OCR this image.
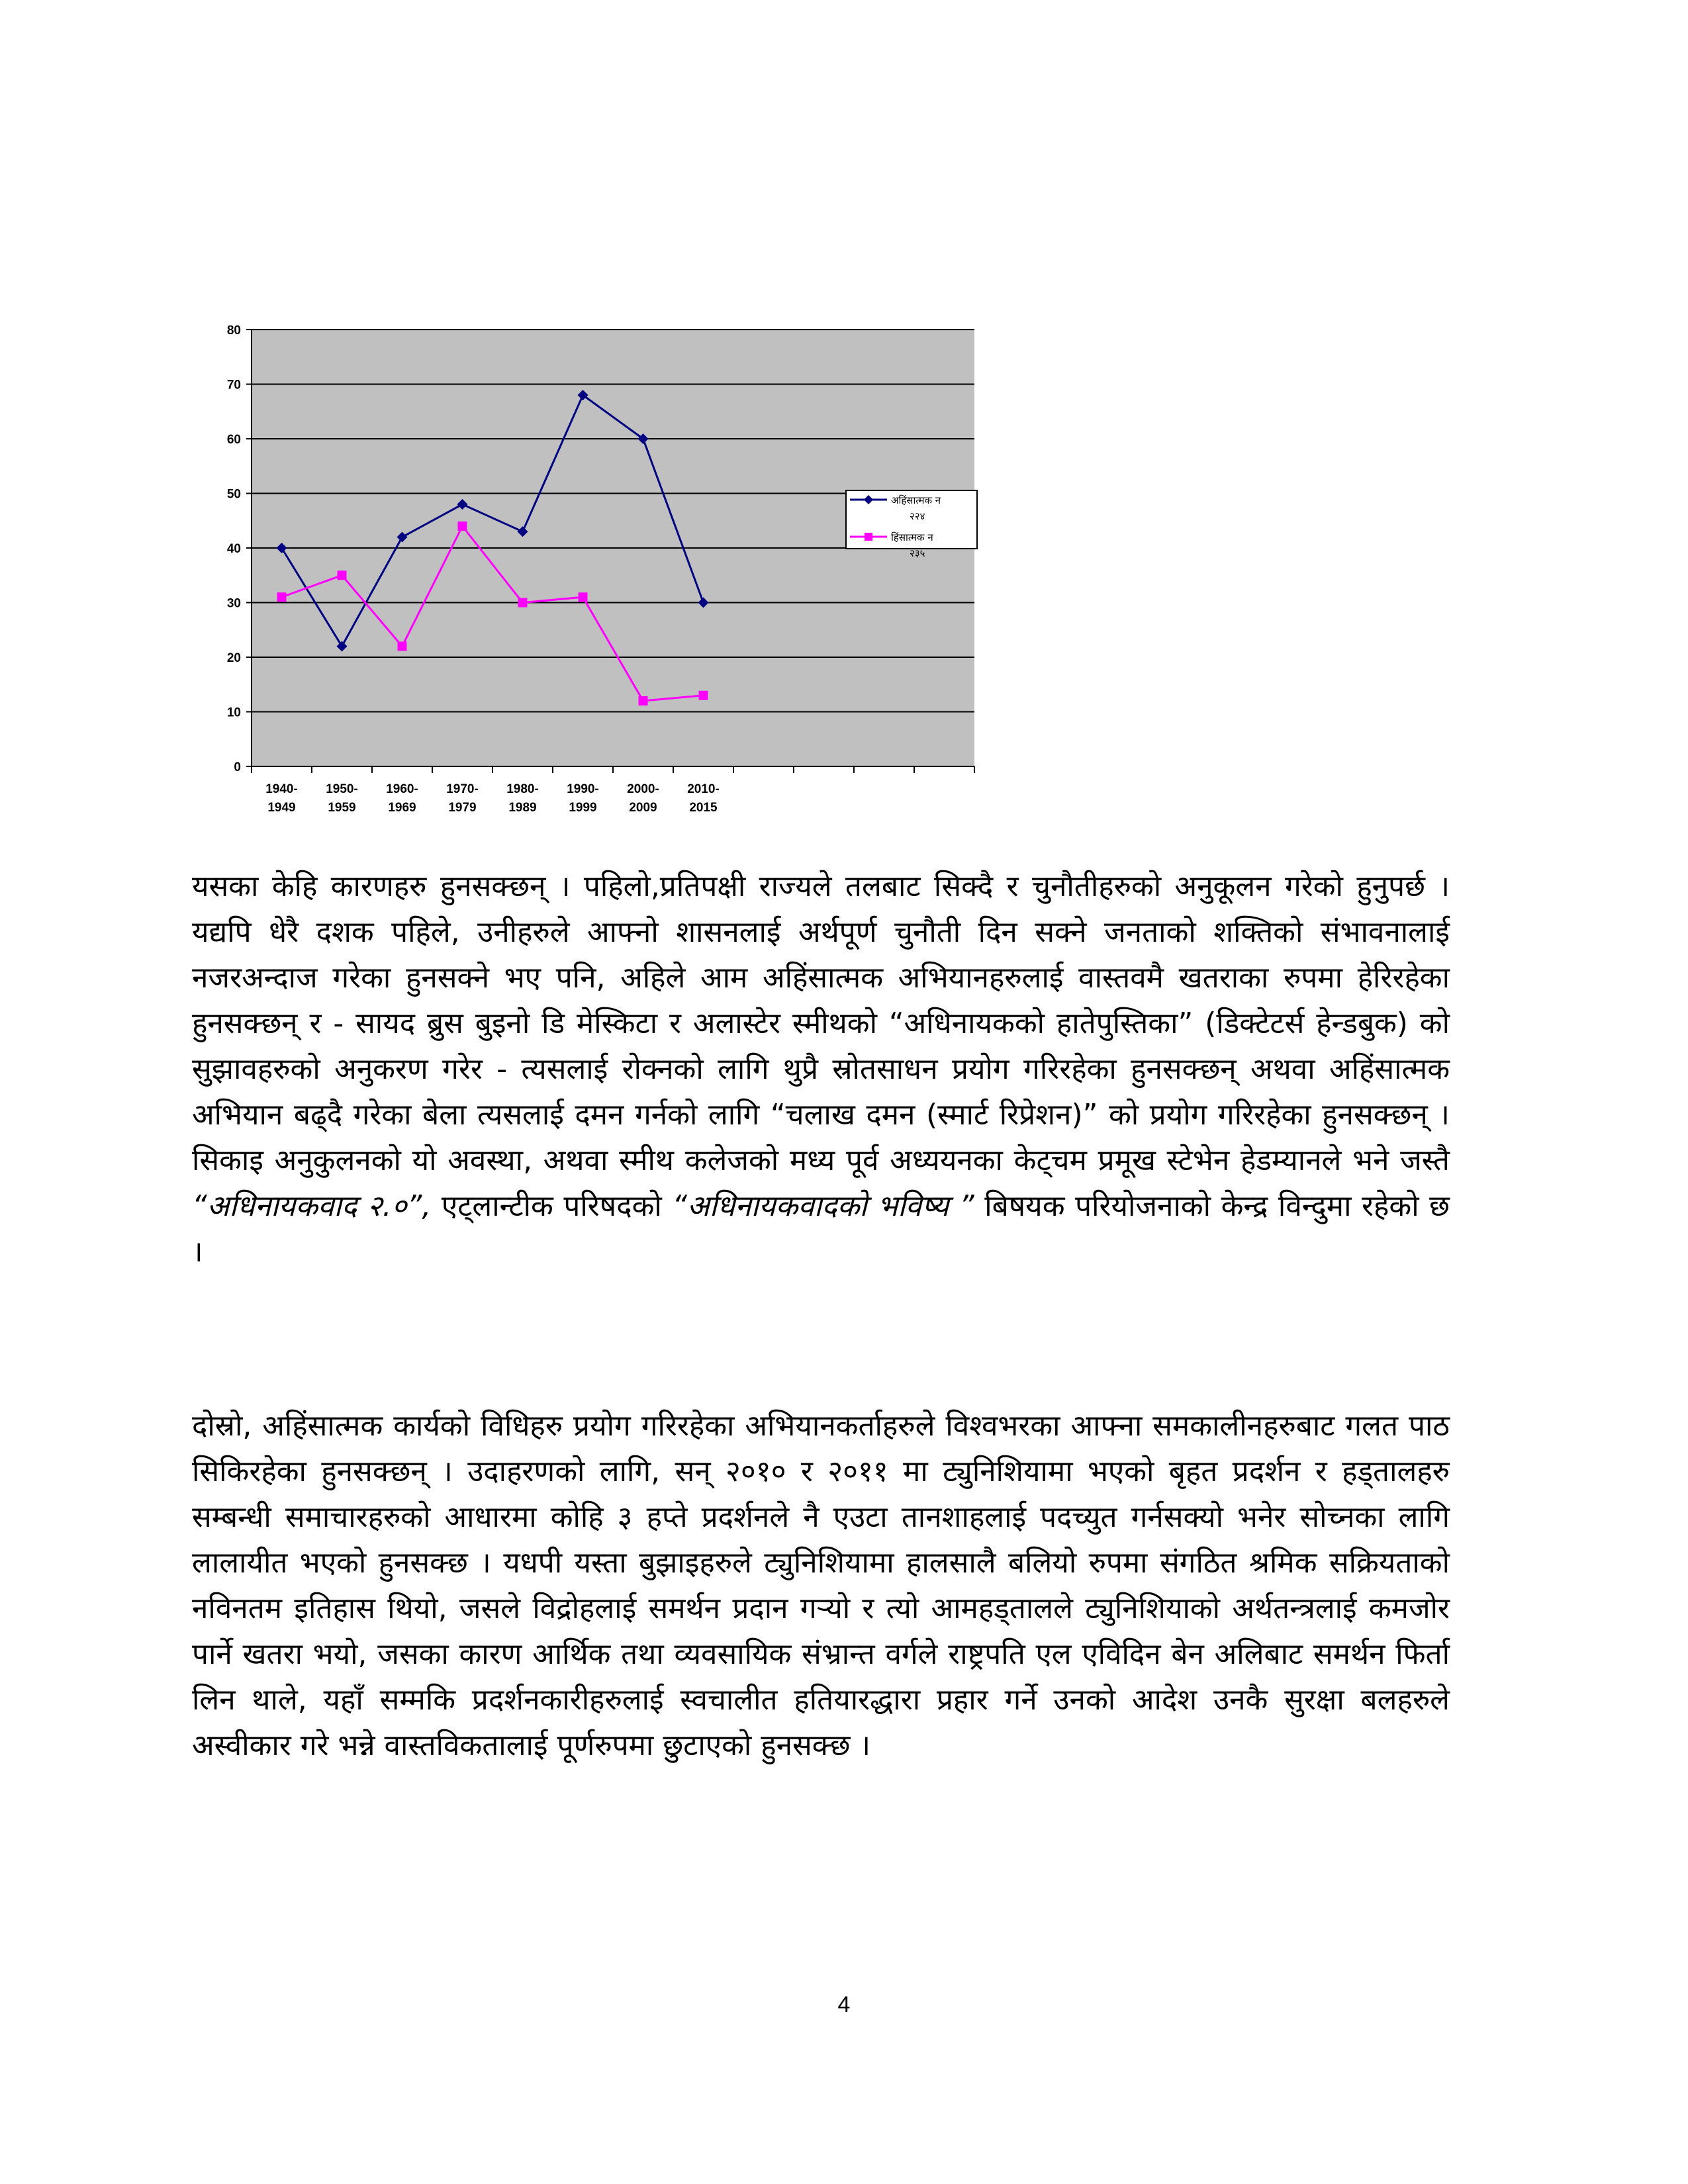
0
10
20
30
40
50
60
70
80
1940-
1949
1950-
1959
1960-
1969
1970-
1979
1980-
1989
1990-
1999
2000-
2009
2010-
2015
अहिंसात्मक न
२२४
हिंसात्मक न
२३५

यसका केहि कारणहरु हुनसक्छन् । पहिलो,प्रतिपक्षी राज्यले तलबाट सिक्दै र चुनौतीहरुको अनुकूलन गरेको हुनुपर्छ । यद्यपि धेरै दशक पहिले, उनीहरुले आफ्नो शासनलाई अर्थपूर्ण चुनौती दिन सक्ने जनताको शक्तिको संभावनालाई नजरअन्दाज गरेका हुनसक्ने भए पनि, अहिले आम अहिंसात्मक अभियानहरुलाई वास्तवमै खतराका रुपमा हेरिरहेका हुनसक्छन् र - सायद ब्रुस बुइनो डि मेस्किटा र अलास्टेर स्मीथको “अधिनायकको हातेपुस्तिका” (डिक्टेटर्स हेन्डबुक) को सुझावहरुको अनुकरण गरेर - त्यसलाई रोक्नको लागि थुप्रै स्रोतसाधन प्रयोग गरिरहेका हुनसक्छन् अथवा अहिंसात्मक अभियान बढ्दै गरेका बेला त्यसलाई दमन गर्नको लागि “चलाख दमन (स्मार्ट रिप्रेशन)” को प्रयोग गरिरहेका हुनसक्छन् । सिकाइ अनुकुलनको यो अवस्था, अथवा स्मीथ कलेजको मध्य पूर्व अध्ययनका केट्चम प्रमूख स्टेभेन हेडम्यानले भने जस्तै “अधिनायकवाद २.०”, एट्लान्टीक परिषदको “अधिनायकवादको भविष्य ” बिषयक परियोजनाको केन्द्र विन्दुमा रहेको छ ।

दोस्रो, अहिंसात्मक कार्यको विधिहरु प्रयोग गरिरहेका अभियानकर्ताहरुले विश्वभरका आफ्ना समकालीनहरुबाट गलत पाठ सिकिरहेका हुनसक्छन् । उदाहरणको लागि, सन् २०१० र २०११ मा ट्युनिशियामा भएको बृहत प्रदर्शन र हड्तालहरु सम्बन्धी समाचारहरुको आधारमा कोहि ३ हप्ते प्रदर्शनले नै एउटा तानशाहलाई पदच्युत गर्नसक्यो भनेर सोच्नका लागि लालायीत भएको हुनसक्छ । यधपी यस्ता बुझाइहरुले ट्युनिशियामा हालसालै बलियो रुपमा संगठित श्रमिक सक्रियताको नविनतम इतिहास थियो, जसले विद्रोहलाई समर्थन प्रदान गर्‍यो र त्यो आमहड्तालले ट्युनिशियाको अर्थतन्त्रलाई कमजोर पार्ने खतरा भयो, जसका कारण आर्थिक तथा व्यवसायिक संभ्रान्त वर्गले राष्ट्रपति एल एविदिन बेन अलिबाट समर्थन फिर्ता लिन थाले, यहाँ सम्मकि प्रदर्शनकारीहरुलाई स्वचालीत हतियारद्धारा प्रहार गर्ने उनको आदेश उनकै सुरक्षा बलहरुले अस्वीकार गरे भन्ने वास्तविकतालाई पूर्णरुपमा छुटाएको हुनसक्छ ।

4
